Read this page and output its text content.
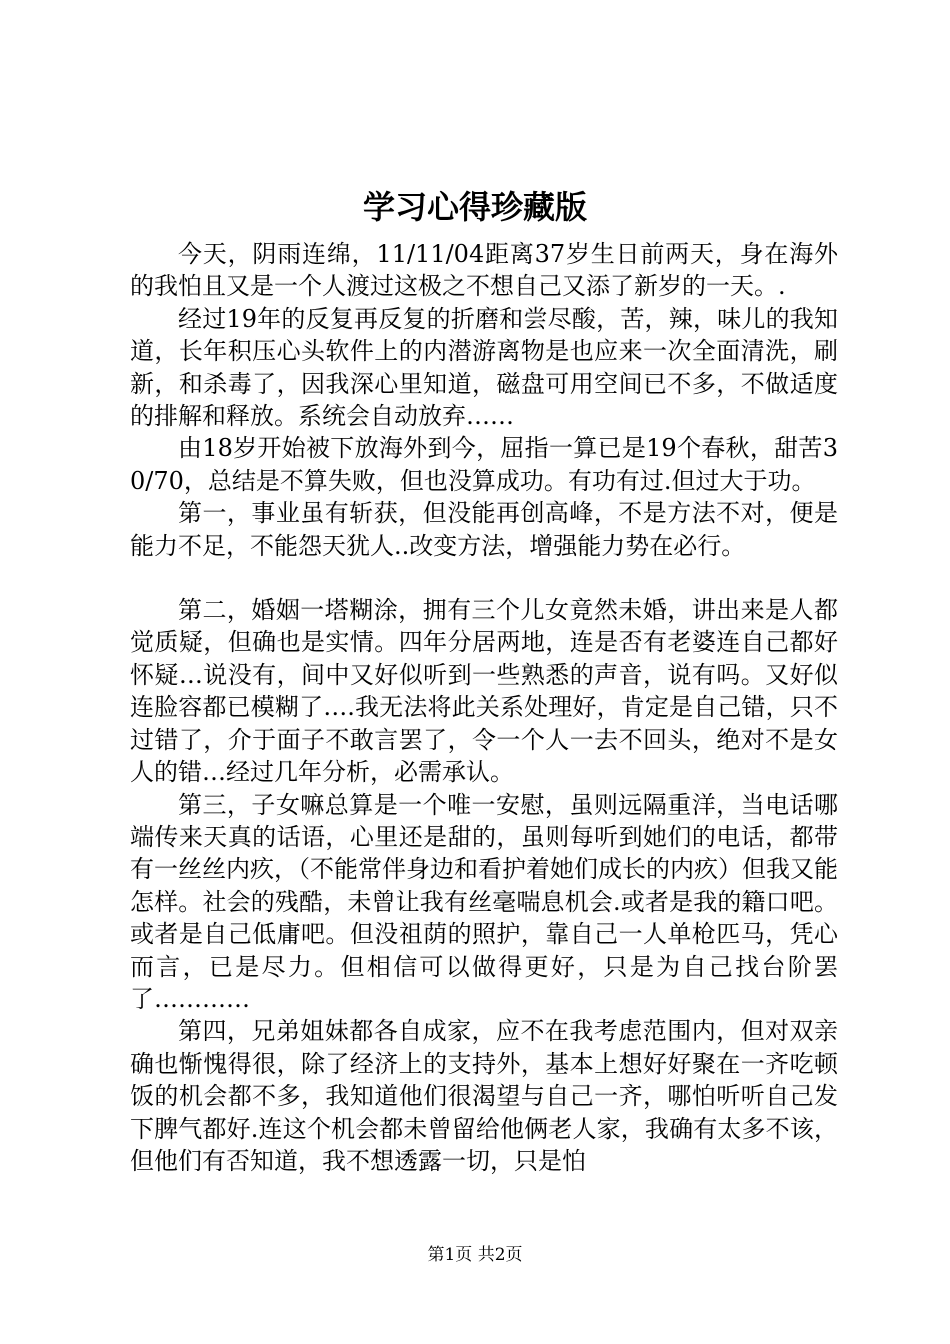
学习心得珍藏版

今天，阴雨连绵，11/11/04距离37岁生日前两天，身在海外的我怕且又是一个人渡过这极之不想自己又添了新岁的一天。.

经过19年的反复再反复的折磨和尝尽酸，苦，辣，味儿的我知道，长年积压心头软件上的内潜游离物是也应来一次全面清洗，刷新，和杀毒了，因我深心里知道，磁盘可用空间已不多，不做适度的排解和释放。系统会自动放弃……

由18岁开始被下放海外到今，屈指一算已是19个春秋，甜苦30/70，总结是不算失败，但也没算成功。有功有过.但过大于功。

第一，事业虽有斩获，但没能再创高峰，不是方法不对，便是能力不足，不能怨天犹人..改变方法，增强能力势在必行。

第二，婚姻一塔糊涂，拥有三个儿女竟然未婚，讲出来是人都觉质疑，但确也是实情。四年分居两地，连是否有老婆连自己都好怀疑…说没有，间中又好似听到一些熟悉的声音，说有吗。又好似连脸容都已模糊了….我无法将此关系处理好，肯定是自己错，只不过错了，介于面子不敢言罢了，令一个人一去不回头，绝对不是女人的错…经过几年分析，必需承认。

第三，子女嘛总算是一个唯一安慰，虽则远隔重洋，当电话哪端传来天真的话语，心里还是甜的，虽则每听到她们的电话，都带有一丝丝内疚，（不能常伴身边和看护着她们成长的内疚）但我又能怎样。社会的残酷，未曾让我有丝毫喘息机会.或者是我的籍口吧。或者是自己低庸吧。但没祖荫的照护，靠自己一人单枪匹马，凭心而言，已是尽力。但相信可以做得更好，只是为自己找台阶罢了…………

第四，兄弟姐妹都各自成家，应不在我考虑范围内，但对双亲确也惭愧得很，除了经济上的支持外，基本上想好好聚在一齐吃顿饭的机会都不多，我知道他们很渴望与自己一齐，哪怕听听自己发下脾气都好.连这个机会都未曾留给他俩老人家，我确有太多不该，但他们有否知道，我不想透露一切，只是怕

第1页 共2页
